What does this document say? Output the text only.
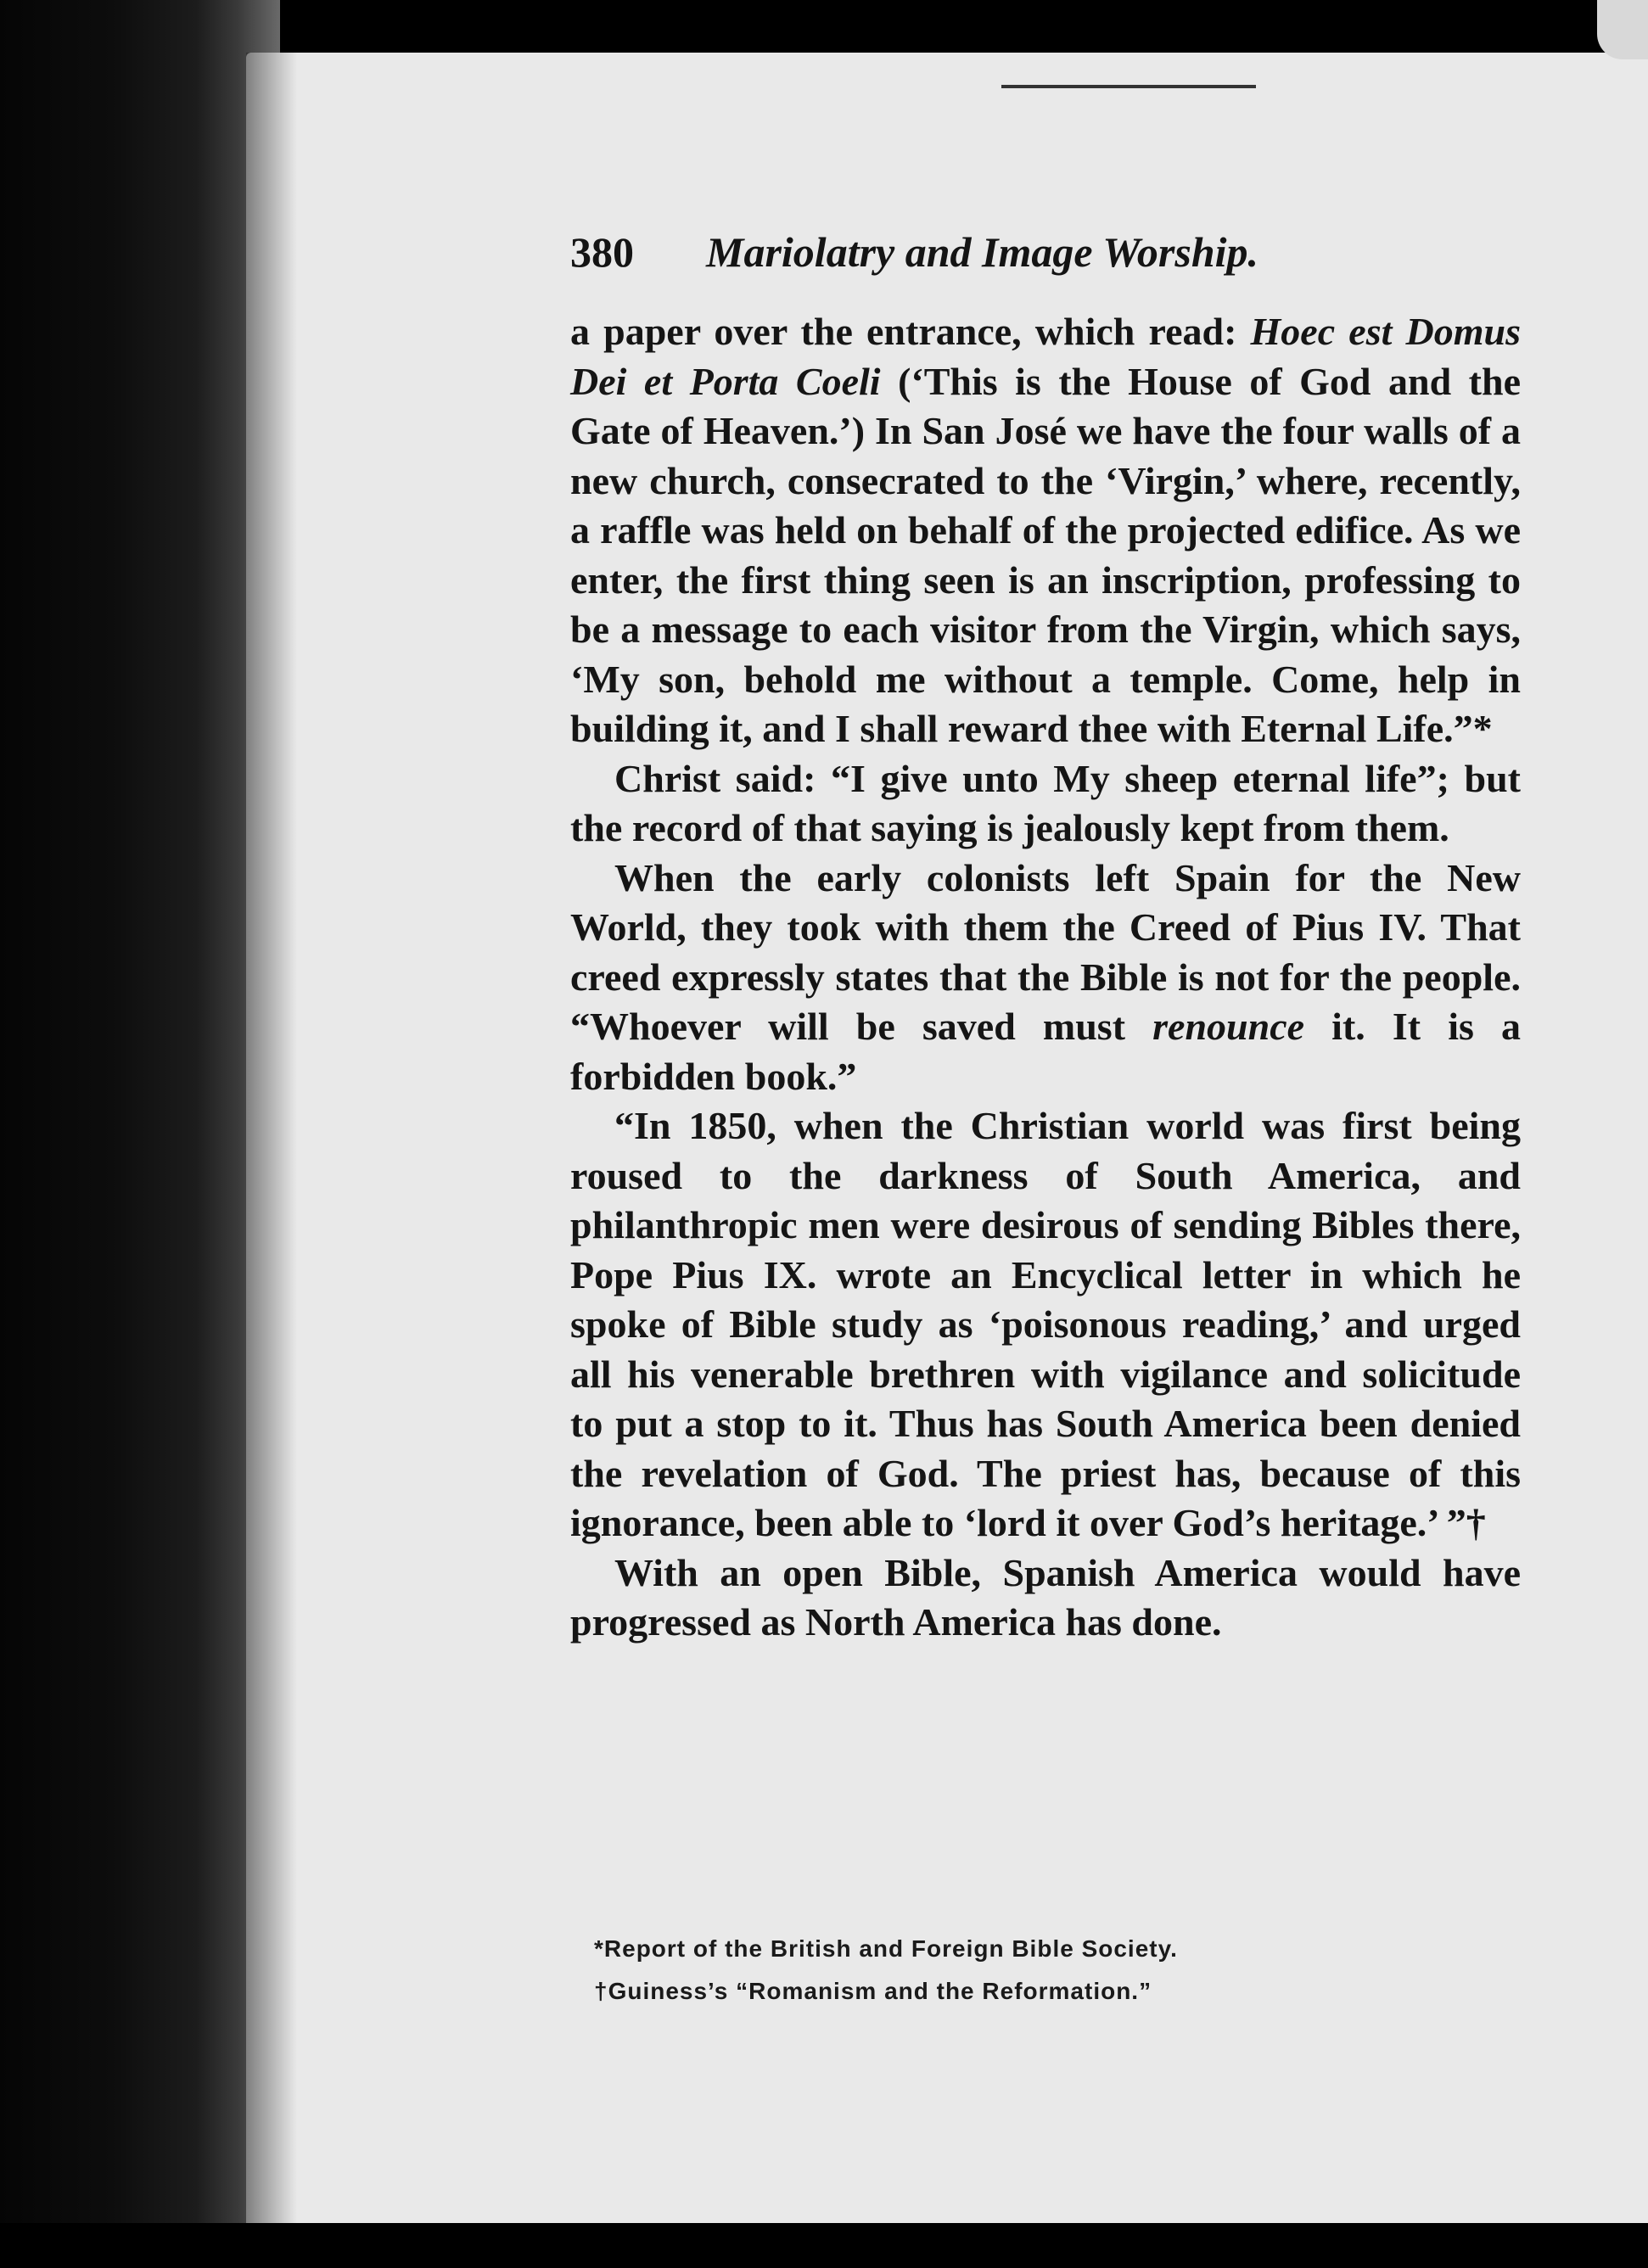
380 Mariolatry and Image Worship.

a paper over the entrance, which read: Hoec est Domus Dei et Porta Coeli (‘This is the House of God and the Gate of Heaven.’) In San José we have the four walls of a new church, consecrated to the ‘Virgin,’ where, recently, a raffle was held on behalf of the projected edifice. As we enter, the first thing seen is an inscription, professing to be a message to each visitor from the Virgin, which says, ‘My son, behold me without a temple. Come, help in building it, and I shall reward thee with Eternal Life.”*

Christ said: “I give unto My sheep eternal life”; but the record of that saying is jealously kept from them.

When the early colonists left Spain for the New World, they took with them the Creed of Pius IV. That creed expressly states that the Bible is not for the people. “Whoever will be saved must renounce it. It is a forbidden book.”

“In 1850, when the Christian world was first being roused to the darkness of South America, and philanthropic men were desirous of sending Bibles there, Pope Pius IX. wrote an Encyclical letter in which he spoke of Bible study as ‘poisonous reading,’ and urged all his venerable brethren with vigilance and solicitude to put a stop to it. Thus has South America been denied the revelation of God. The priest has, because of this ignorance, been able to ‘lord it over God’s heritage.’ ”†

With an open Bible, Spanish America would have progressed as North America has done.

*Report of the British and Foreign Bible Society.

†Guiness’s “Romanism and the Reformation.”
